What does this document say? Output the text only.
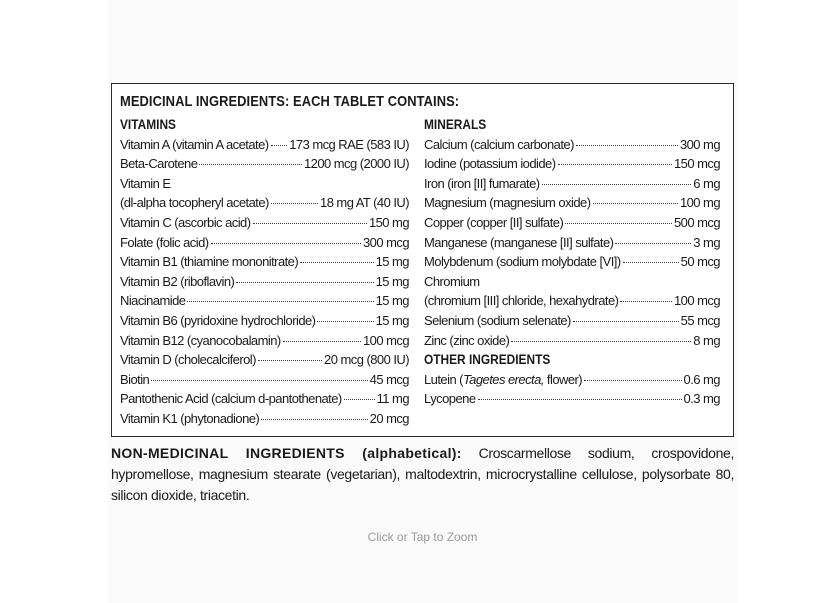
MEDICINAL INGREDIENTS: EACH TABLET CONTAINS:
VITAMINS
Vitamin A (vitamin A acetate) 173 mcg RAE (583 IU)
Beta-Carotene	1200 mcg (2000 IU)
Vitamin E
(dl-alpha tocopheryl acetate)	18 mg AT (40 IU)
Vitamin C (ascorbic acid)	150 mg
Folate (folic acid)	300 mcg
Vitamin B1 (thiamine mononitrate)	15 mg
Vitamin B2 (riboflavin)	15 mg
Niacinamide	15 mg
Vitamin B6 (pyridoxine hydrochloride)	15 mg
Vitamin B12 (cyanocobalamin)	100 mcg
Vitamin D (cholecalciferol)	20 mcg (800 IU)
Biotin	45 mcg
Pantothenic Acid (calcium d-pantothenate)	11 mg
Vitamin K1 (phytonadione)	20 mcg
MINERALS
Calcium (calcium carbonate)	300 mg
Iodine (potassium iodide)	150 mcg
Iron (iron [II] fumarate)	6 mg
Magnesium (magnesium oxide)	100 mg
Copper (copper [II] sulfate)	500 mcg
Manganese (manganese [II] sulfate)	3 mg
Molybdenum (sodium molybdate [VI])	50 mcg
Chromium
(chromium [III] chloride, hexahydrate)	100 mcg
Selenium (sodium selenate)	55 mcg
Zinc (zinc oxide)	8 mg
OTHER INGREDIENTS
Lutein (Tagetes erecta, flower)	0.6 mg
Lycopene	0.3 mg
NON-MEDICINAL INGREDIENTS (alphabetical): Croscarmellose sodium, crospovidone, hypromellose, magnesium stearate (vegetarian), maltodextrin, microcrystalline cellulose, polysorbate 80, silicon dioxide, triacetin.
Click or Tap to Zoom
